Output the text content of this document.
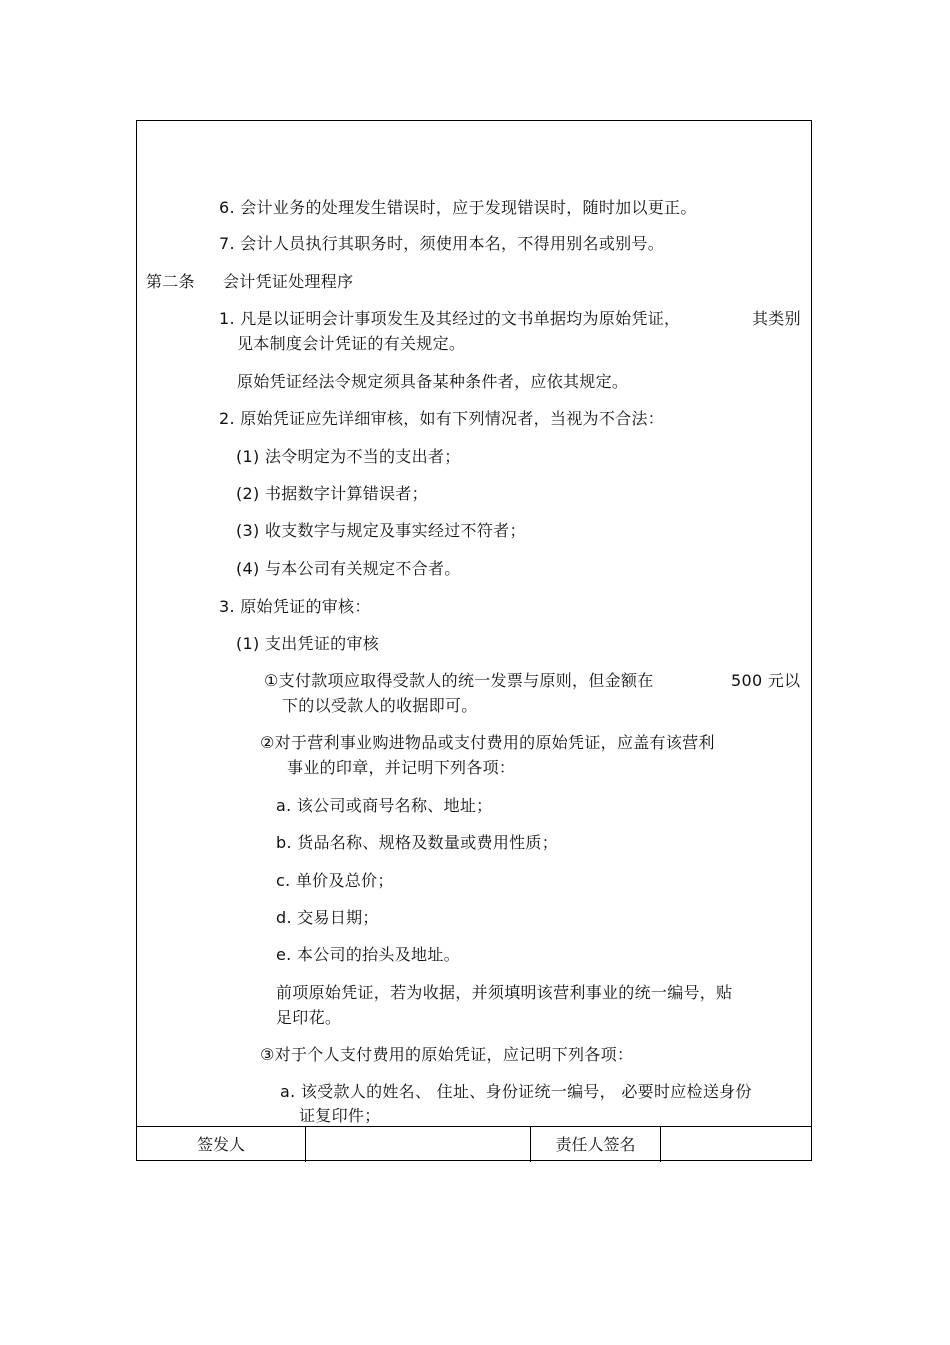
6. 会计业务的处理发生错误时，应于发现错误时，随时加以更正。
7. 会计人员执行其职务时，须使用本名，不得用别名或别号。
第二条 会计凭证处理程序
1. 凡是以证明会计事项发生及其经过的文书单据均为原始凭证，	其类别
见本制度会计凭证的有关规定。
原始凭证经法令规定须具备某种条件者，应依其规定。
2. 原始凭证应先详细审核，如有下列情况者，当视为不合法：
(1) 法令明定为不当的支出者；
(2) 书据数字计算错误者；
(3) 收支数字与规定及事实经过不符者；
(4) 与本公司有关规定不合者。
3. 原始凭证的审核：
(1) 支出凭证的审核
①支付款项应取得受款人的统一发票与原则，但金额在	500 元以
下的以受款人的收据即可。
②对于营利事业购进物品或支付费用的原始凭证，应盖有该营利
事业的印章，并记明下列各项：
a. 该公司或商号名称、地址；
b. 货品名称、规格及数量或费用性质；
c. 单价及总价；
d. 交易日期；
e. 本公司的抬头及地址。
前项原始凭证，若为收据，并须填明该营利事业的统一编号，贴
足印花。
③对于个人支付费用的原始凭证，应记明下列各项：
a. 该受款人的姓名、 住址、身份证统一编号， 必要时应检送身份
证复印件；
签发人	责任人签名
